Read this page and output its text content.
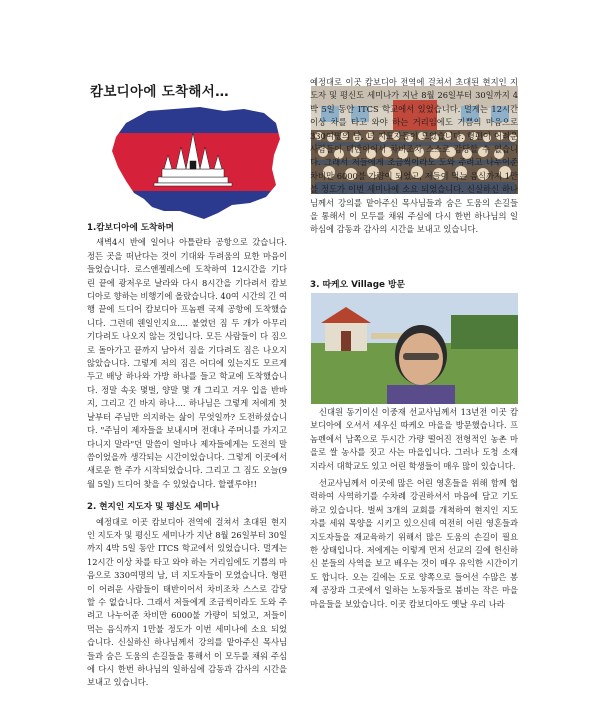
캄보디아에 도착해서…
1.캄보디아에 도착하며

새벽4시 반에 일어나 아틀란타 공항으로 갔습니다. 정든 곳을 떠난다는 것이 기대와 두려움의 묘한 마음이 들었습니다. 로스앤젤레스에 도착하여 12시간을 기다린 끝에 광저우로 날라와 다시 8시간을 기다려서 캄보디아로 향하는 비행기에 올랐습니다. 40여 시간의 긴 여행 끝에 드디어 캄보디아 프놈펜 국제 공항에 도착했습니다. 그런데 웬일인지요.... 붙였던 짐 두 개가 아무리 기다려도 나오지 않는 것입니다. 모든 사람들이 다 짐으로 돌아가고 끝까지 남아서 짐을 기다려도 짐은 나오지 않았습니다. 그렇게 저의 짐은 어디에 있는지도 모르게 두고 배낭 하나와 가방 하나를 들고 학교에 도착했습니다. 정말 속옷 몇벌, 양말 몇 개 그리고 겨우 입을 반바지, 그리고 긴 바지 하나.... 하나님은 그렇게 저에게 첫 날부터 주님만 의지하는 삶이 무엇일까? 도전하셨습니다. "주님이 제자들을 보내시며 전대나 주머니를 가지고 다니지 말라"던 말씀이 얼마나 제자들에게는 도전의 말씀이었을까 생각되는 시간이었습니다. 그렇게 이곳에서 새로운 한 주가 시작되었습니다. 그리고 그 짐도 오늘(9월 5일) 드디어 찾을 수 있었습니다. 할렐루야!!

2. 현지인 지도자 및 평신도 세미나

예정대로 이곳 캄보디아 전역에 걸쳐서 초대된 현지인 지도자 및 평신도 세미나가 지난 8월 26일부터 30일까지 4박 5일 동안 ITCS 학교에서 있었습니다. 멀게는 12시간 이상 차를 타고 와야 하는 거리임에도 기쁨의 마음으로 330여명의 남, 녀 지도자들이 모였습니다. 형편이 어려운 사람들이 태반이어서 차비조차 스스로 감당할 수 없습니다. 그래서 저들에게 조금씩이라도 도와 주려고 나누어준 차비만 6000불 가량이 되었고, 저들이 먹는 음식까지 1만불 정도가 이번 세미나에 소요 되었습니다. 신실하신 하나님께서 강의를 맡아주신 목사님들과 숨은 도움의 손길들을 통해서 이 모두를 채워 주심에 다시 한번 하나님의 일하심에 감동과 감사의 시간을 보내고 있습니다.

예정대로 이곳 캄보디아 전역에 걸쳐서 초대된 현지인 지도자 및 평신도 세미나가 지난 8월 26일부터 30일까지 4박 5일 동안 ITCS 학교에서 있었습니다. 멀게는 12시간 이상 차를 타고 와야 하는 거리임에도 기쁨의 마음으로 330여명의 남, 녀 지도자들이 모였습니다. 형편이 어려운 사람들이 태반이어서 차비조차 스스로 감당할 수 없습니다. 그래서 저들에게 조금씩이라도 도와 주려고 나누어준 차비만 6000불 가량이 되었고, 저들이 먹는 음식까지 1만불 정도가 이번 세미나에 소요 되었습니다. 신실하신 하나님께서 강의를 맡아주신 목사님들과 숨은 도움의 손길들을 통해서 이 모두를 채워 주심에 다시 한번 하나님의 일하심에 감동과 감사의 시간을 보내고 있습니다.

3. 따케오 Village 방문

신대원 동기이신 이중재 선교사님께서 13년전 이곳 캄보디아에 오셔서 세우신 따케오 마을을 방문했습니다. 프놈펜에서 남쪽으로 두시간 가량 떨어진 전형적인 농촌 마을로 쌀 농사를 짓고 사는 마을입니다. 그러나 도청 소재지라서 대학교도 있고 어린 학생들이 매우 많이 있습니다.

선교사님께서 이곳에 많은 어린 영혼들을 위해 함께 협력하여 사역하기를 수차례 강권하셔서 마음에 담고 기도하고 있습니다. 벌써 3개의 교회를 개척하여 현지인 지도자를 세워 목양을 시키고 있으신데 여전히 어린 영혼들과 지도자들을 재교육하기 위해서 많은 도움의 손길이 필요한 상태입니다. 저에게는 이렇게 먼저 선교의 길에 헌신하신 분들의 사역을 보고 배우는 것이 매우 유익한 시간이기도 합니다. 오는 길에는 도로 양쪽으로 들어선 수많은 봉제 공장과 그곳에서 일하는 노동자들로 붐비는 작은 마을 마을들을 보았습니다. 이곳 캄보디아도 옛날 우리 나라
